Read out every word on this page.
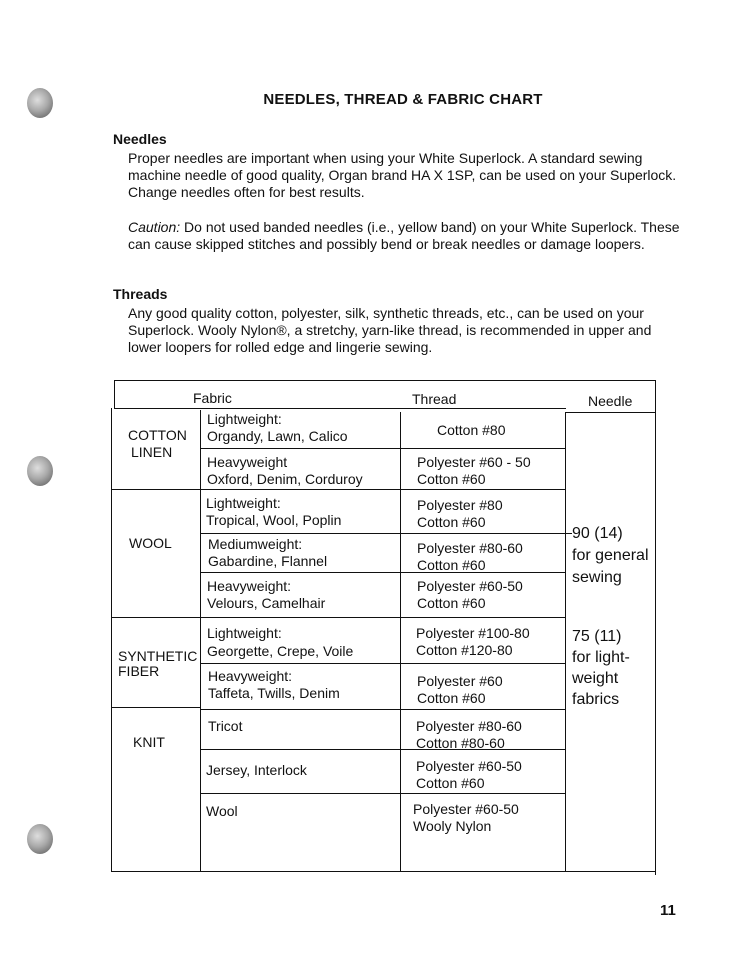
NEEDLES, THREAD & FABRIC CHART
Needles
Proper needles are important when using your White Superlock. A standard sewing machine needle of good quality, Organ brand HA X 1SP, can be used on your Superlock. Change needles often for best results.
Caution: Do not used banded needles (i.e., yellow band) on your White Superlock. These can cause skipped stitches and possibly bend or break needles or damage loopers.
Threads
Any good quality cotton, polyester, silk, synthetic threads, etc., can be used on your Superlock. Wooly Nylon®, a stretchy, yarn-like thread, is recommended in upper and lower loopers for rolled edge and lingerie sewing.
Fabric	Thread	Needle
COTTON
LINEN
WOOL
SYNTHETIC
FIBER
KNIT
Lightweight:
Organdy, Lawn, Calico
Heavyweight
Oxford, Denim, Corduroy
Lightweight:
Tropical, Wool, Poplin
Mediumweight:
Gabardine, Flannel
Heavyweight:
Velours, Camelhair
Lightweight:
Georgette, Crepe, Voile
Heavyweight:
Taffeta, Twills, Denim
Tricot
Jersey, Interlock
Wool
Cotton #80
Polyester #60 - 50
Cotton #60
Polyester #80
Cotton #60
Polyester #80-60
Cotton #60
Polyester #60-50
Cotton #60
Polyester #100-80
Cotton #120-80
Polyester #60
Cotton #60
Polyester #80-60
Cotton #80-60
Polyester #60-50
Cotton #60
Polyester #60-50
Wooly Nylon
90 (14)
for general
sewing
75 (11)
for light-
weight
fabrics
11
